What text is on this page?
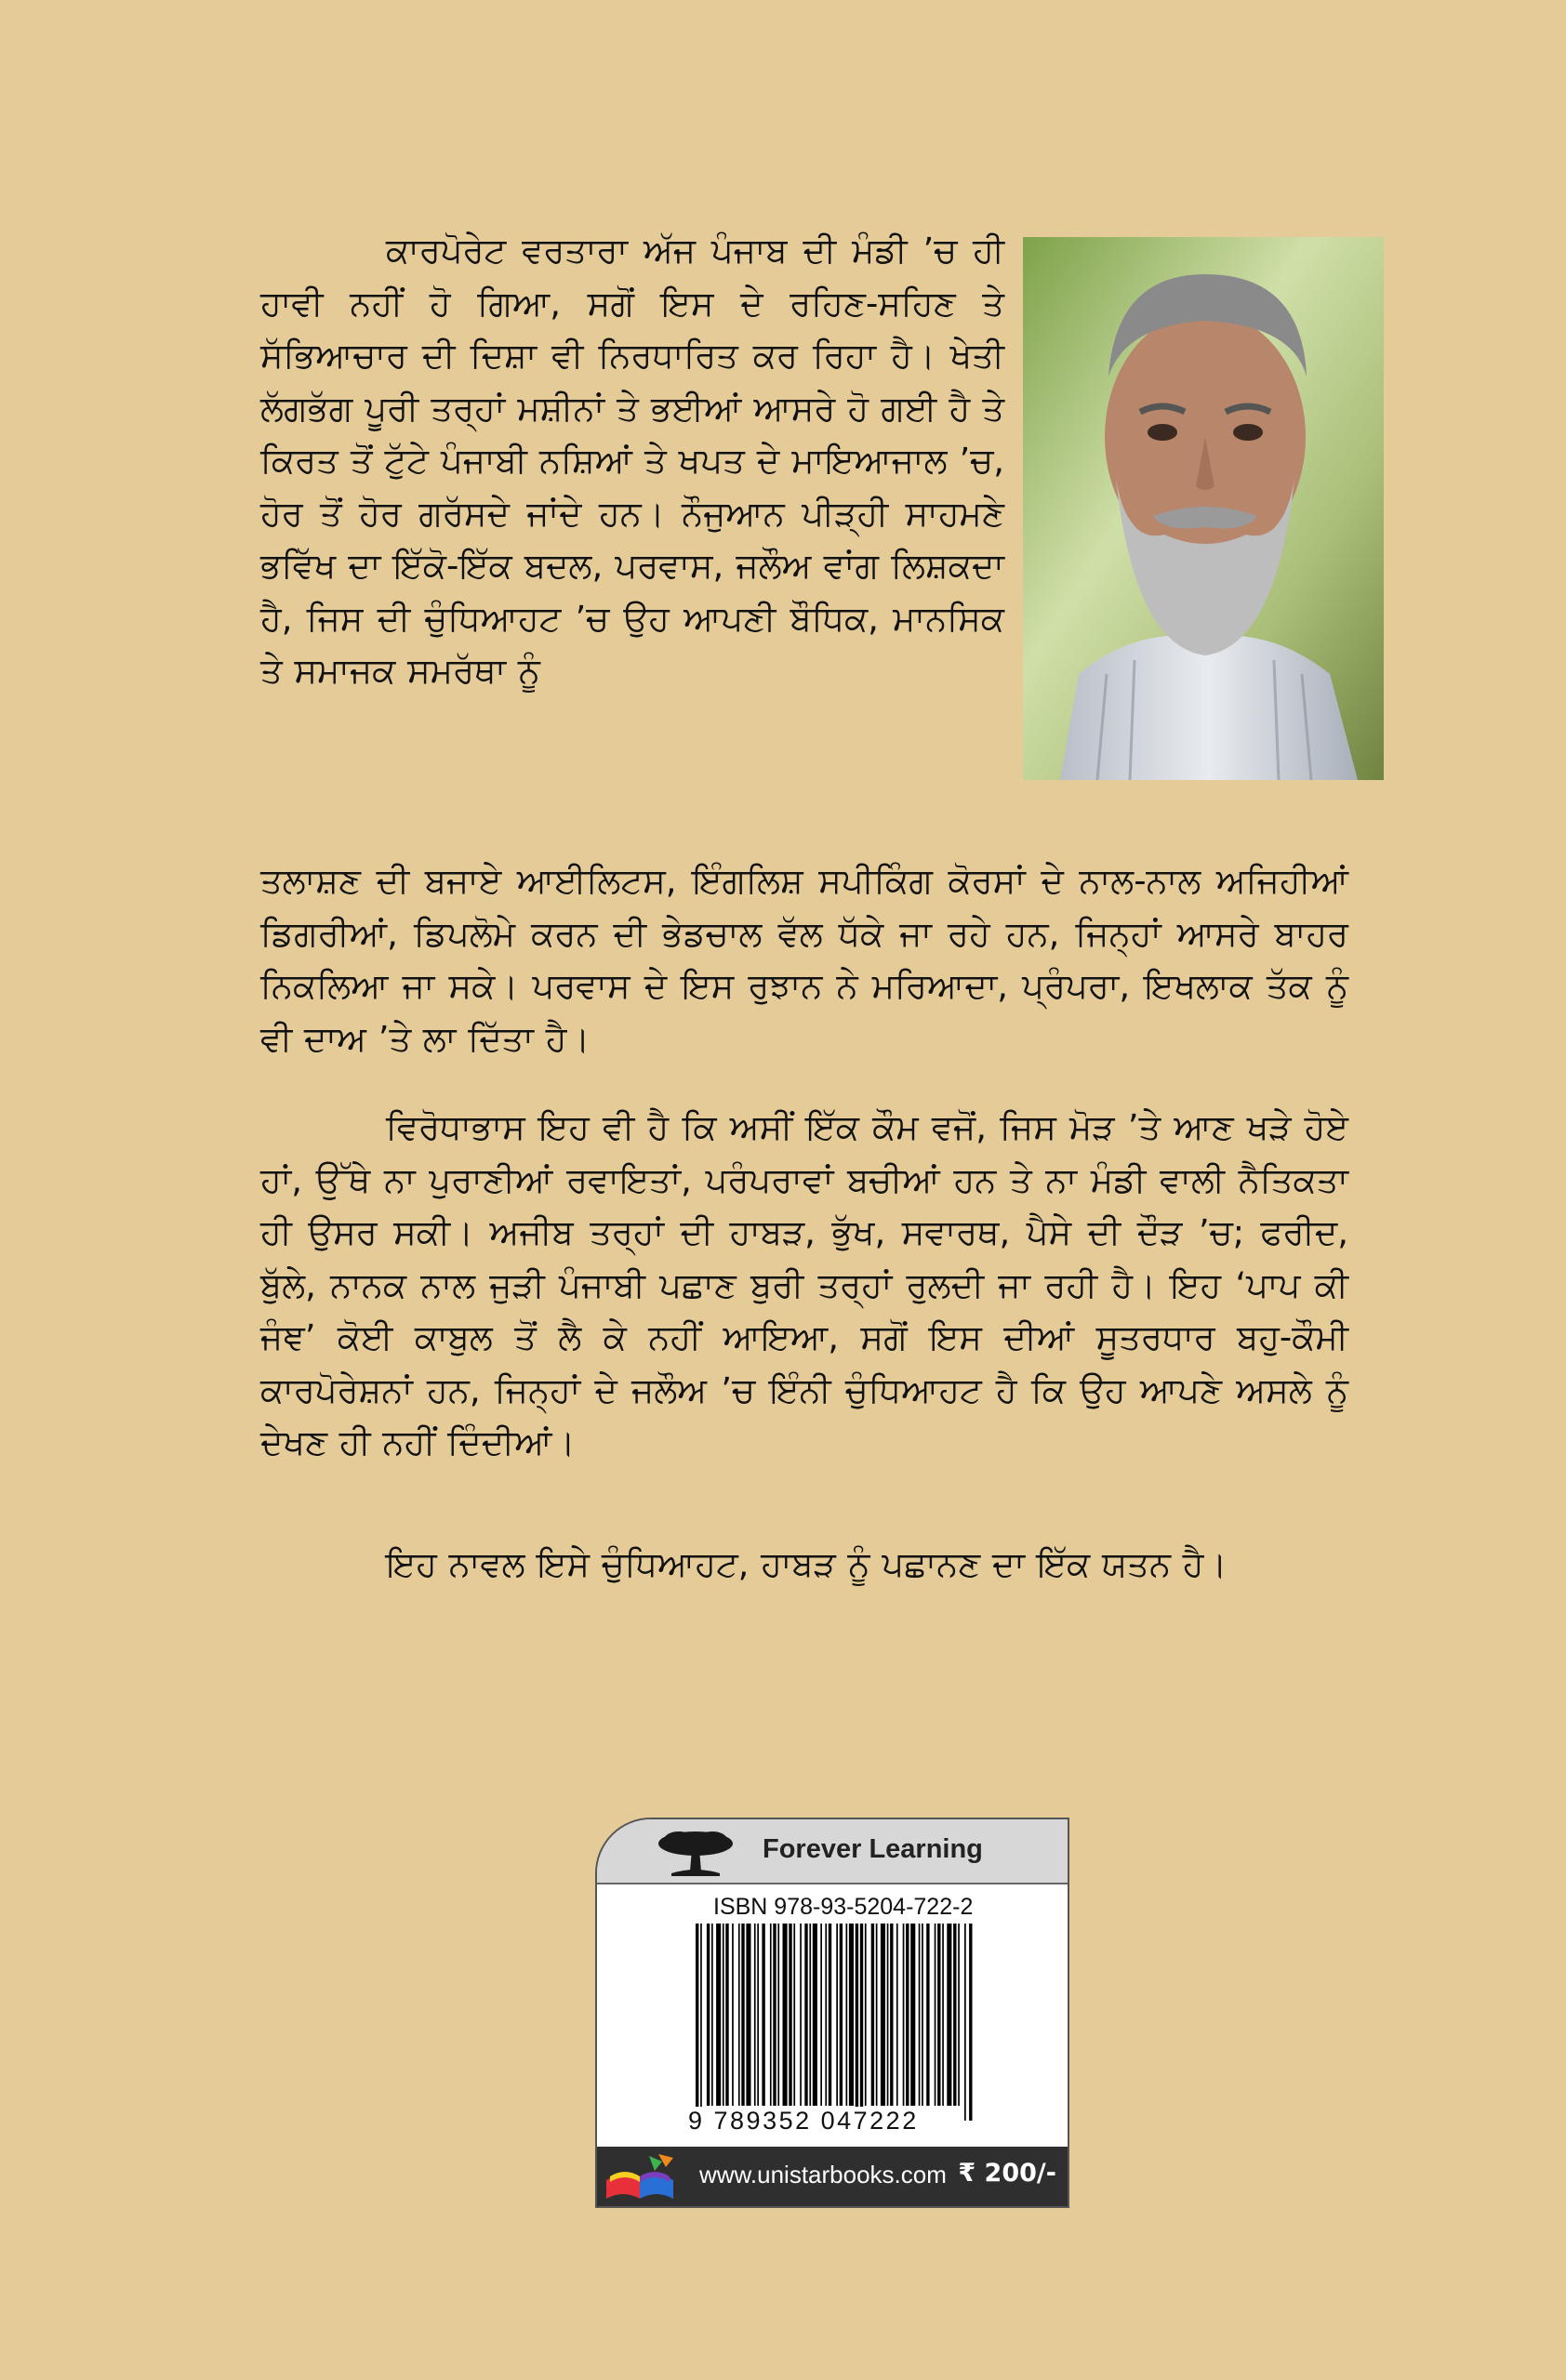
ਕਾਰਪੋਰੇਟ ਵਰਤਾਰਾ ਅੱਜ ਪੰਜਾਬ ਦੀ ਮੰਡੀ ’ਚ ਹੀ ਹਾਵੀ ਨਹੀਂ ਹੋ ਗਿਆ, ਸਗੋਂ ਇਸ ਦੇ ਰਹਿਣ-ਸਹਿਣ ਤੇ ਸੱਭਿਆਚਾਰ ਦੀ ਦਿਸ਼ਾ ਵੀ ਨਿਰਧਾਰਿਤ ਕਰ ਰਿਹਾ ਹੈ। ਖੇਤੀ ਲੱਗਭੱਗ ਪੂਰੀ ਤਰ੍ਹਾਂ ਮਸ਼ੀਨਾਂ ਤੇ ਭਈਆਂ ਆਸਰੇ ਹੋ ਗਈ ਹੈ ਤੇ ਕਿਰਤ ਤੋਂ ਟੁੱਟੇ ਪੰਜਾਬੀ ਨਸ਼ਿਆਂ ਤੇ ਖਪਤ ਦੇ ਮਾਇਆਜਾਲ ’ਚ, ਹੋਰ ਤੋਂ ਹੋਰ ਗਰੱਸਦੇ ਜਾਂਦੇ ਹਨ। ਨੌਜੁਆਨ ਪੀੜ੍ਹੀ ਸਾਹਮਣੇ ਭਵਿੱਖ ਦਾ ਇੱਕੋ-ਇੱਕ ਬਦਲ, ਪਰਵਾਸ, ਜਲੌਅ ਵਾਂਗ ਲਿਸ਼ਕਦਾ ਹੈ, ਜਿਸ ਦੀ ਚੁੰਧਿਆਹਟ ’ਚ ਉਹ ਆਪਣੀ ਬੌਧਿਕ, ਮਾਨਸਿਕ ਤੇ ਸਮਾਜਕ ਸਮਰੱਥਾ ਨੂੰ

ਤਲਾਸ਼ਣ ਦੀ ਬਜਾਏ ਆਈਲਿਟਸ, ਇੰਗਲਿਸ਼ ਸਪੀਕਿੰਗ ਕੋਰਸਾਂ ਦੇ ਨਾਲ-ਨਾਲ ਅਜਿਹੀਆਂ ਡਿਗਰੀਆਂ, ਡਿਪਲੋਮੇ ਕਰਨ ਦੀ ਭੇਡਚਾਲ ਵੱਲ ਧੱਕੇ ਜਾ ਰਹੇ ਹਨ, ਜਿਨ੍ਹਾਂ ਆਸਰੇ ਬਾਹਰ ਨਿਕਲਿਆ ਜਾ ਸਕੇ। ਪਰਵਾਸ ਦੇ ਇਸ ਰੁਝਾਨ ਨੇ ਮਰਿਆਦਾ, ਪ੍ਰੰਪਰਾ, ਇਖਲਾਕ ਤੱਕ ਨੂੰ ਵੀ ਦਾਅ ’ਤੇ ਲਾ ਦਿੱਤਾ ਹੈ।

ਵਿਰੋਧਾਭਾਸ ਇਹ ਵੀ ਹੈ ਕਿ ਅਸੀਂ ਇੱਕ ਕੌਮ ਵਜੋਂ, ਜਿਸ ਮੋੜ ’ਤੇ ਆਣ ਖੜੇ ਹੋਏ ਹਾਂ, ਉੱਥੇ ਨਾ ਪੁਰਾਣੀਆਂ ਰਵਾਇਤਾਂ, ਪਰੰਪਰਾਵਾਂ ਬਚੀਆਂ ਹਨ ਤੇ ਨਾ ਮੰਡੀ ਵਾਲੀ ਨੈਤਿਕਤਾ ਹੀ ਉਸਰ ਸਕੀ। ਅਜੀਬ ਤਰ੍ਹਾਂ ਦੀ ਹਾਬੜ, ਭੁੱਖ, ਸਵਾਰਥ, ਪੈਸੇ ਦੀ ਦੌੜ ’ਚ; ਫਰੀਦ, ਬੁੱਲੇ, ਨਾਨਕ ਨਾਲ ਜੁੜੀ ਪੰਜਾਬੀ ਪਛਾਣ ਬੁਰੀ ਤਰ੍ਹਾਂ ਰੁਲਦੀ ਜਾ ਰਹੀ ਹੈ। ਇਹ ‘ਪਾਪ ਕੀ ਜੰਞ’ ਕੋਈ ਕਾਬੁਲ ਤੋਂ ਲੈ ਕੇ ਨਹੀਂ ਆਇਆ, ਸਗੋਂ ਇਸ ਦੀਆਂ ਸੂਤਰਧਾਰ ਬਹੁ-ਕੌਮੀ ਕਾਰਪੋਰੇਸ਼ਨਾਂ ਹਨ, ਜਿਨ੍ਹਾਂ ਦੇ ਜਲੌਅ ’ਚ ਇੰਨੀ ਚੁੰਧਿਆਹਟ ਹੈ ਕਿ ਉਹ ਆਪਣੇ ਅਸਲੇ ਨੂੰ ਦੇਖਣ ਹੀ ਨਹੀਂ ਦਿੰਦੀਆਂ।

ਇਹ ਨਾਵਲ ਇਸੇ ਚੁੰਧਿਆਹਟ, ਹਾਬੜ ਨੂੰ ਪਛਾਨਣ ਦਾ ਇੱਕ ਯਤਨ ਹੈ।

Forever Learning
ISBN 978-93-5204-722-2
9 789352 047222
www.unistarbooks.com ₹ 200/-
